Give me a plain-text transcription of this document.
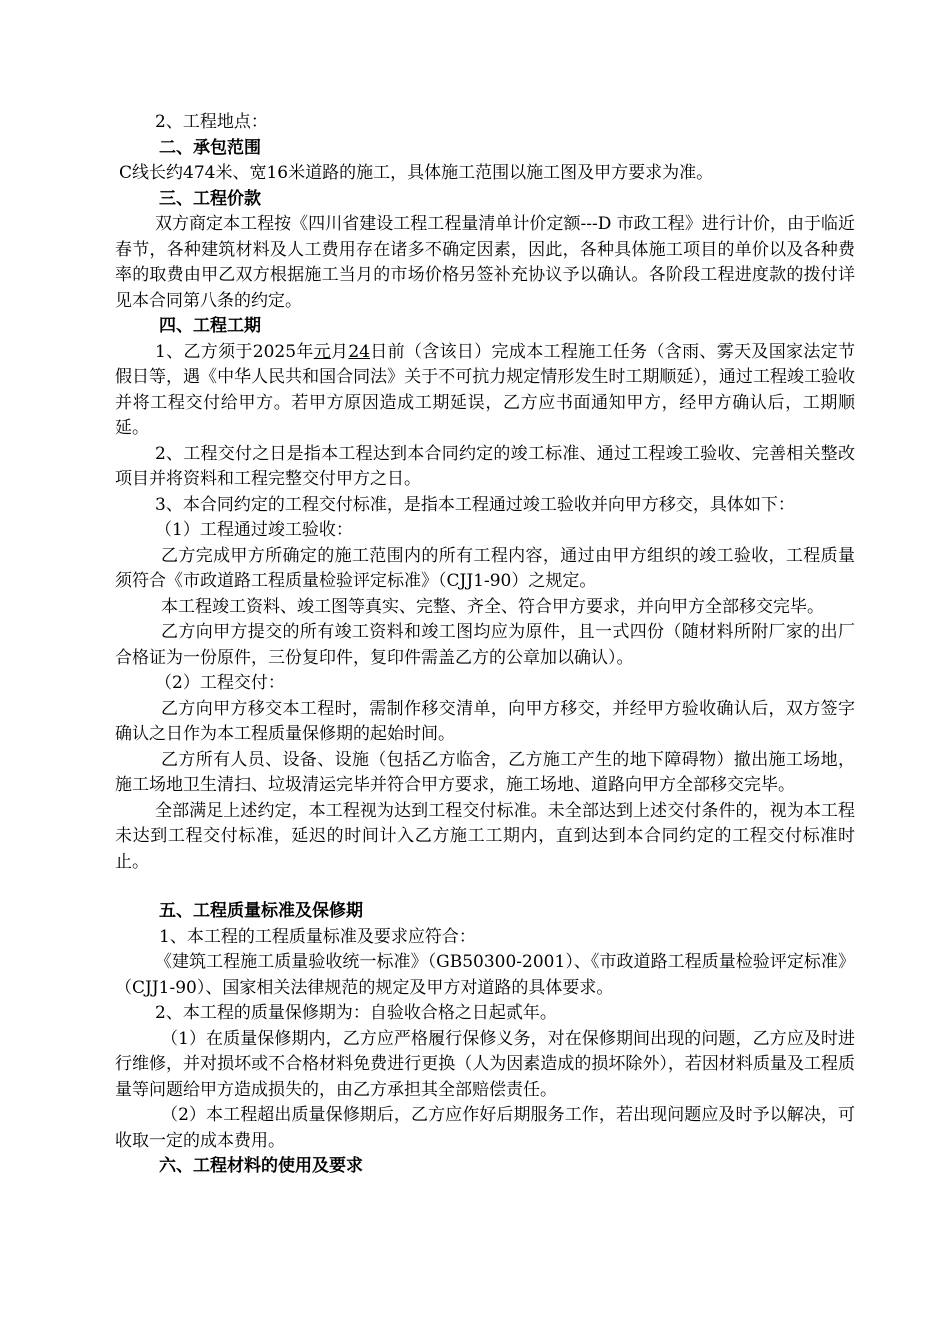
2、工程地点：

二、承包范围

C线长约474米、宽16米道路的施工，具体施工范围以施工图及甲方要求为准。

三、工程价款

双方商定本工程按《四川省建设工程工程量清单计价定额---D 市政工程》进行计价，由于临近春节，各种建筑材料及人工费用存在诸多不确定因素，因此，各种具体施工项目的单价以及各种费率的取费由甲乙双方根据施工当月的市场价格另签补充协议予以确认。各阶段工程进度款的拨付详见本合同第八条的约定。

四、工程工期

1、乙方须于2025年元月24日前（含该日）完成本工程施工任务（含雨、雾天及国家法定节假日等，遇《中华人民共和国合同法》关于不可抗力规定情形发生时工期顺延），通过工程竣工验收并将工程交付给甲方。若甲方原因造成工期延误，乙方应书面通知甲方，经甲方确认后，工期顺延。

2、工程交付之日是指本工程达到本合同约定的竣工标准、通过工程竣工验收、完善相关整改项目并将资料和工程完整交付甲方之日。

3、本合同约定的工程交付标准，是指本工程通过竣工验收并向甲方移交，具体如下：

（1）工程通过竣工验收：

乙方完成甲方所确定的施工范围内的所有工程内容，通过由甲方组织的竣工验收，工程质量须符合《市政道路工程质量检验评定标准》（CJJ1-90）之规定。

本工程竣工资料、竣工图等真实、完整、齐全、符合甲方要求，并向甲方全部移交完毕。

乙方向甲方提交的所有竣工资料和竣工图均应为原件，且一式四份（随材料所附厂家的出厂合格证为一份原件，三份复印件，复印件需盖乙方的公章加以确认）。

（2）工程交付：

乙方向甲方移交本工程时，需制作移交清单，向甲方移交，并经甲方验收确认后，双方签字确认之日作为本工程质量保修期的起始时间。

乙方所有人员、设备、设施（包括乙方临舍，乙方施工产生的地下障碍物）撤出施工场地，施工场地卫生清扫、垃圾清运完毕并符合甲方要求，施工场地、道路向甲方全部移交完毕。

全部满足上述约定，本工程视为达到工程交付标准。未全部达到上述交付条件的，视为本工程未达到工程交付标准，延迟的时间计入乙方施工工期内，直到达到本合同约定的工程交付标准时止。

五、工程质量标准及保修期

1、本工程的工程质量标准及要求应符合：

《建筑工程施工质量验收统一标准》（GB50300-2001）、《市政道路工程质量检验评定标准》（CJJ1-90）、国家相关法律规范的规定及甲方对道路的具体要求。

2、本工程的质量保修期为：自验收合格之日起贰年。

（1）在质量保修期内，乙方应严格履行保修义务，对在保修期间出现的问题，乙方应及时进行维修，并对损坏或不合格材料免费进行更换（人为因素造成的损坏除外），若因材料质量及工程质量等问题给甲方造成损失的，由乙方承担其全部赔偿责任。

（2）本工程超出质量保修期后，乙方应作好后期服务工作，若出现问题应及时予以解决，可收取一定的成本费用。

六、工程材料的使用及要求
